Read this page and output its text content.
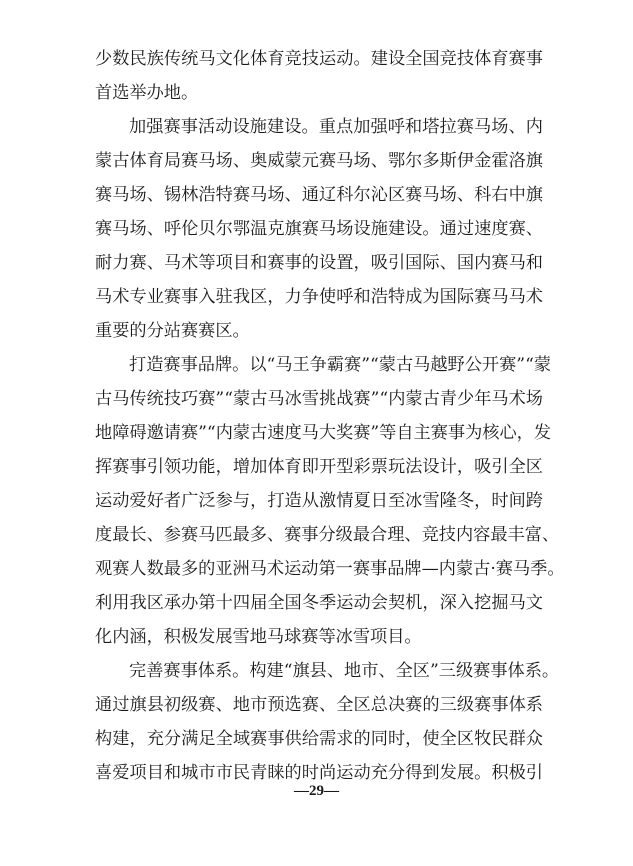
少数民族传统马文化体育竞技运动。建设全国竞技体育赛事
首选举办地。
加强赛事活动设施建设。重点加强呼和塔拉赛马场、内
蒙古体育局赛马场、奥威蒙元赛马场、鄂尔多斯伊金霍洛旗
赛马场、锡林浩特赛马场、通辽科尔沁区赛马场、科右中旗
赛马场、呼伦贝尔鄂温克旗赛马场设施建设。通过速度赛、
耐力赛、马术等项目和赛事的设置，吸引国际、国内赛马和
马术专业赛事入驻我区，力争使呼和浩特成为国际赛马马术
重要的分站赛赛区。
打造赛事品牌。以“马王争霸赛”“蒙古马越野公开赛”“蒙
古马传统技巧赛”“蒙古马冰雪挑战赛”“内蒙古青少年马术场
地障碍邀请赛”“内蒙古速度马大奖赛”等自主赛事为核心，发
挥赛事引领功能，增加体育即开型彩票玩法设计，吸引全区
运动爱好者广泛参与，打造从激情夏日至冰雪隆冬，时间跨
度最长、参赛马匹最多、赛事分级最合理、竞技内容最丰富、
观赛人数最多的亚洲马术运动第一赛事品牌—内蒙古·赛马季。
利用我区承办第十四届全国冬季运动会契机，深入挖掘马文
化内涵，积极发展雪地马球赛等冰雪项目。
完善赛事体系。构建“旗县、地市、全区”三级赛事体系。
通过旗县初级赛、地市预选赛、全区总决赛的三级赛事体系
构建，充分满足全域赛事供给需求的同时，使全区牧民群众
喜爱项目和城市市民青睐的时尚运动充分得到发展。积极引
—29—
